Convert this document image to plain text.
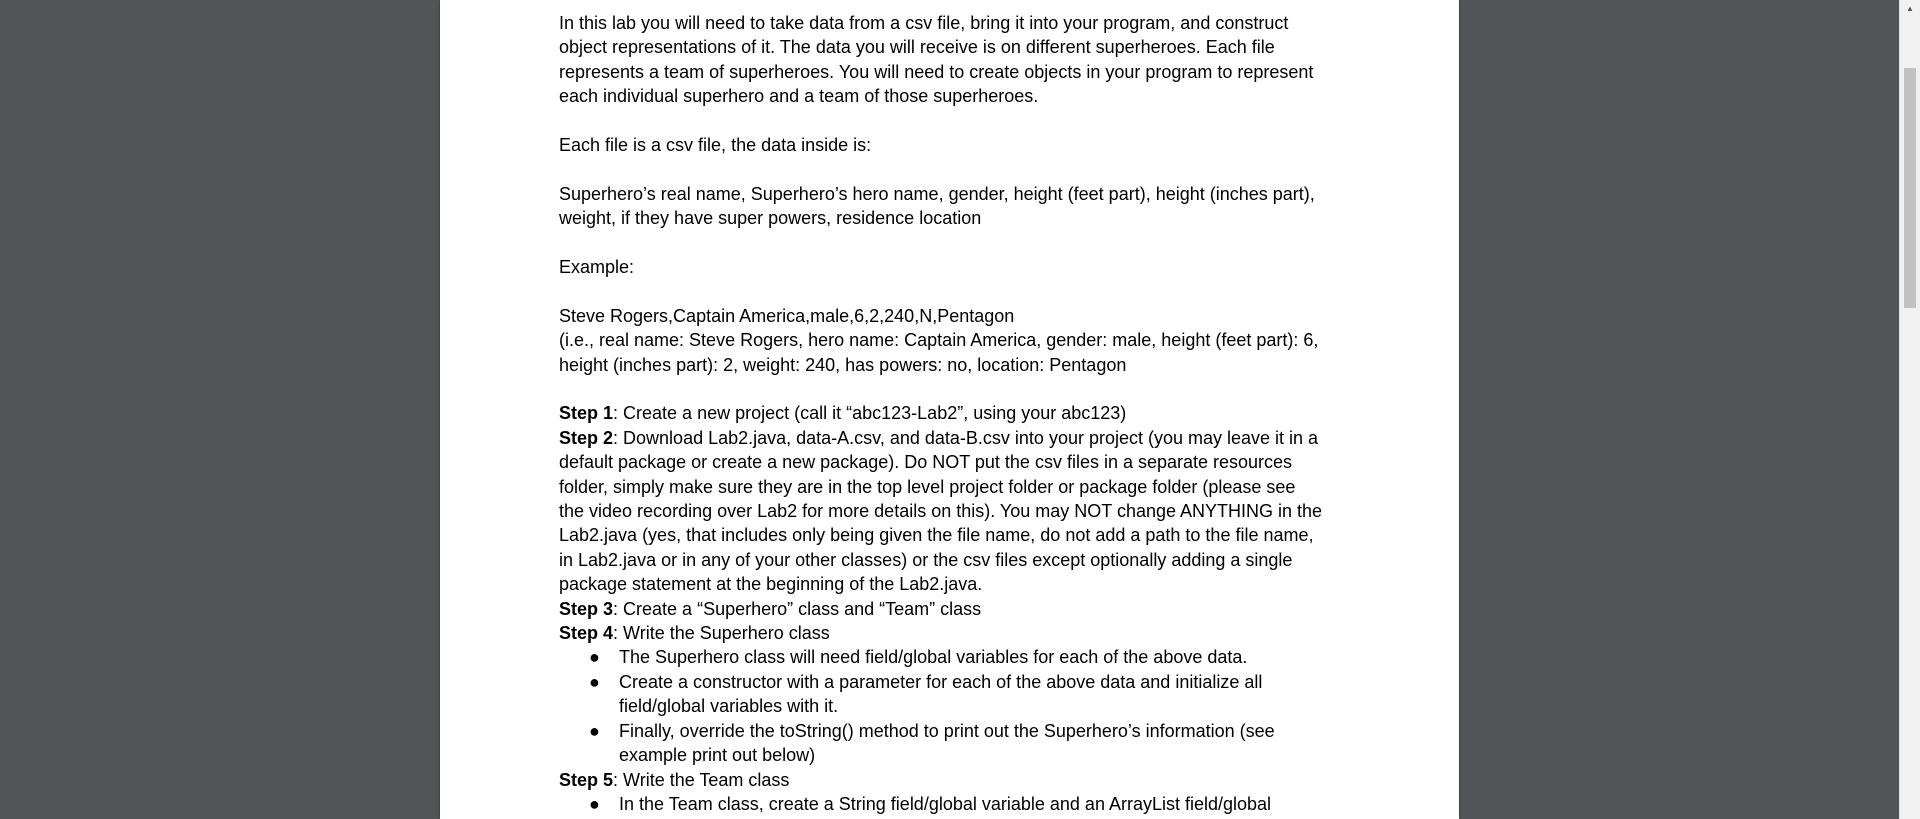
In this lab you will need to take data from a csv file, bring it into your program, and construct

object representations of it. The data you will receive is on different superheroes. Each file

represents a team of superheroes. You will need to create objects in your program to represent

each individual superhero and a team of those superheroes.

Each file is a csv file, the data inside is:

Superhero’s real name, Superhero’s hero name, gender, height (feet part), height (inches part),

weight, if they have super powers, residence location

Example:

Steve Rogers,Captain America,male,6,2,240,N,Pentagon

(i.e., real name: Steve Rogers, hero name: Captain America, gender: male, height (feet part): 6,

height (inches part): 2, weight: 240, has powers: no, location: Pentagon

Step 1: Create a new project (call it “abc123-Lab2”, using your abc123)

Step 2: Download Lab2.java, data-A.csv, and data-B.csv into your project (you may leave it in a

default package or create a new package). Do NOT put the csv files in a separate resources

folder, simply make sure they are in the top level project folder or package folder (please see

the video recording over Lab2 for more details on this). You may NOT change ANYTHING in the

Lab2.java (yes, that includes only being given the file name, do not add a path to the file name,

in Lab2.java or in any of your other classes) or the csv files except optionally adding a single

package statement at the beginning of the Lab2.java.

Step 3: Create a “Superhero” class and “Team” class

Step 4: Write the Superhero class

● The Superhero class will need field/global variables for each of the above data.
● Create a constructor with a parameter for each of the above data and initialize all
field/global variables with it.
● Finally, override the toString() method to print out the Superhero’s information (see
example print out below)

Step 5: Write the Team class

● In the Team class, create a String field/global variable and an ArrayList field/global
▲
